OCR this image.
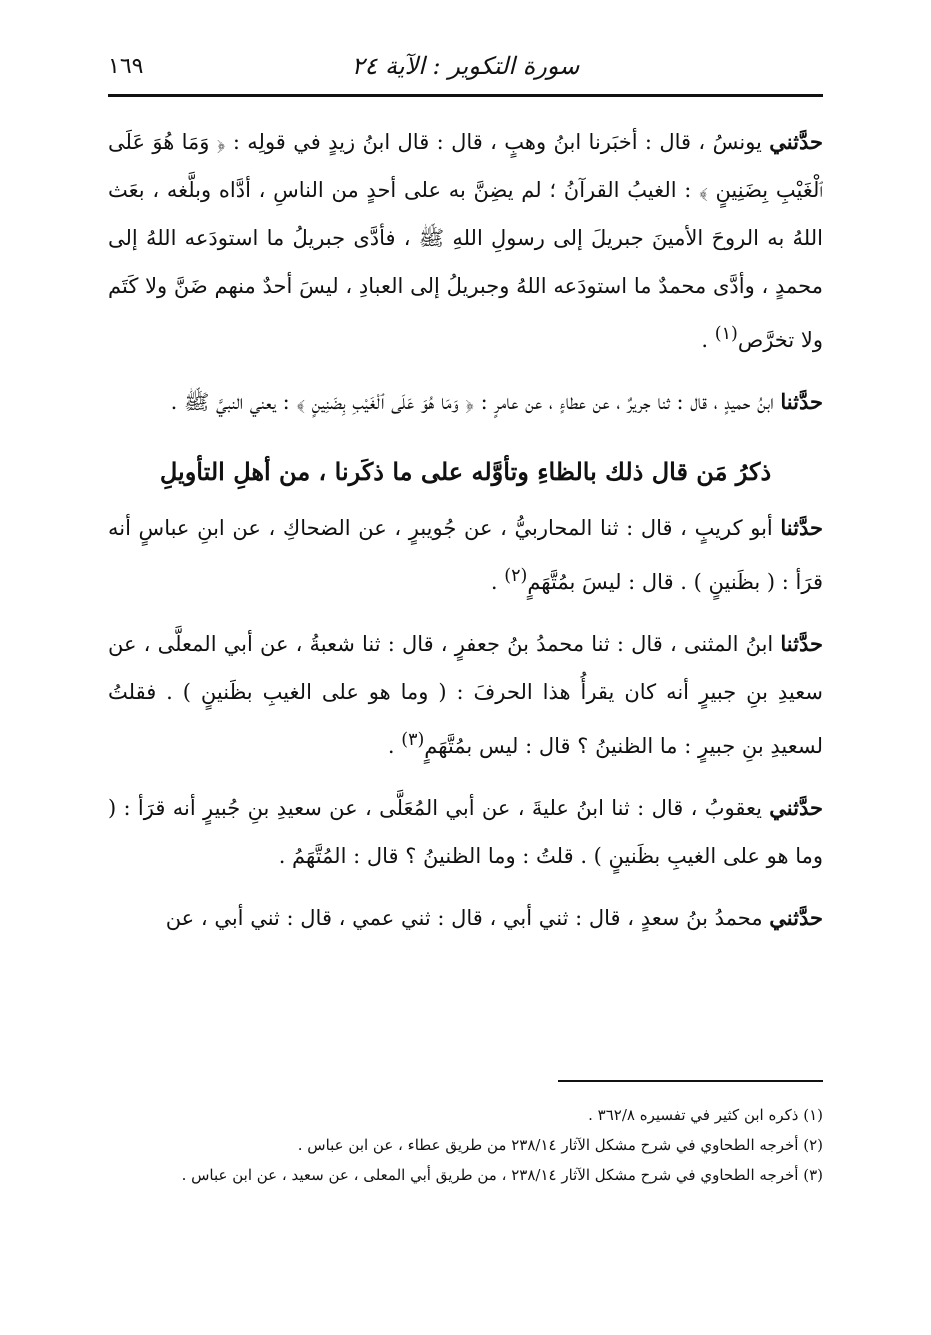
سورة التكوير : الآية ٢٤
١٦٩

حدَّثني يونسُ ، قال : أخبَرنا ابنُ وهبٍ ، قال : قال ابنُ زيدٍ في قولِه : ﴿ وَمَا هُوَ عَلَى ٱلْغَيْبِ بِضَنِينٍ ﴾ : الغيبُ القرآنُ ؛ لم يضِنَّ به على أحدٍ من الناسِ ، أدَّاه وبلَّغه ، بعَث اللهُ به الروحَ الأمينَ جبريلَ إلى رسولِ اللهِ ﷺ ، فأدَّى جبريلُ ما استودَعه اللهُ إلى محمدٍ ، وأدَّى محمدٌ ما استودَعه اللهُ وجبريلُ إلى العبادِ ، ليسَ أحدٌ منهم ضَنَّ ولا كَتَم ولا تخرَّص$^{(١)}$ .

حدَّثنا ابنُ حميدٍ ، قال : ثنا جريرٌ ، عن عطاءٍ ، عن عامرٍ : ﴿ وَمَا هُوَ عَلَى ٱلْغَيْبِ بِضَنِينٍ ﴾ : يعني النبيَّ ﷺ .

ذكرُ مَن قال ذلك بالظاءِ وتأوَّله على ما ذكَرنا ، من أهلِ التأويلِ

حدَّثنا أبو كريبٍ ، قال : ثنا المحاربيُّ ، عن جُويبرٍ ، عن الضحاكِ ، عن ابنِ عباسٍ أنه قرَأ : ( بظَنينٍ ) . قال : ليسَ بمُتَّهَمٍ$^{(٢)}$ .

حدَّثنا ابنُ المثنى ، قال : ثنا محمدُ بنُ جعفرٍ ، قال : ثنا شعبةُ ، عن أبي المعلَّى ، عن سعيدِ بنِ جبيرٍ أنه كان يقرأُ هذا الحرفَ : ( وما هو على الغيبِ بظَنينٍ ) . فقلتُ لسعيدِ بنِ جبيرٍ : ما الظنينُ ؟ قال : ليس بمُتَّهَمٍ$^{(٣)}$ .

حدَّثني يعقوبُ ، قال : ثنا ابنُ عليةَ ، عن أبي المُعَلَّى ، عن سعيدِ بنِ جُبيرٍ أنه قرَأ : ( وما هو على الغيبِ بظَنينٍ ) . قلتُ : وما الظنينُ ؟ قال : المُتَّهَمُ .

حدَّثني محمدُ بنُ سعدٍ ، قال : ثني أبي ، قال : ثني عمي ، قال : ثني أبي ، عن

(١) ذكره ابن كثير في تفسيره ٣٦٢/٨ .

(٢) أخرجه الطحاوي في شرح مشكل الآثار ٢٣٨/١٤ من طريق عطاء ، عن ابن عباس .

(٣) أخرجه الطحاوي في شرح مشكل الآثار ٢٣٨/١٤ ، من طريق أبي المعلى ، عن سعيد ، عن ابن عباس .
